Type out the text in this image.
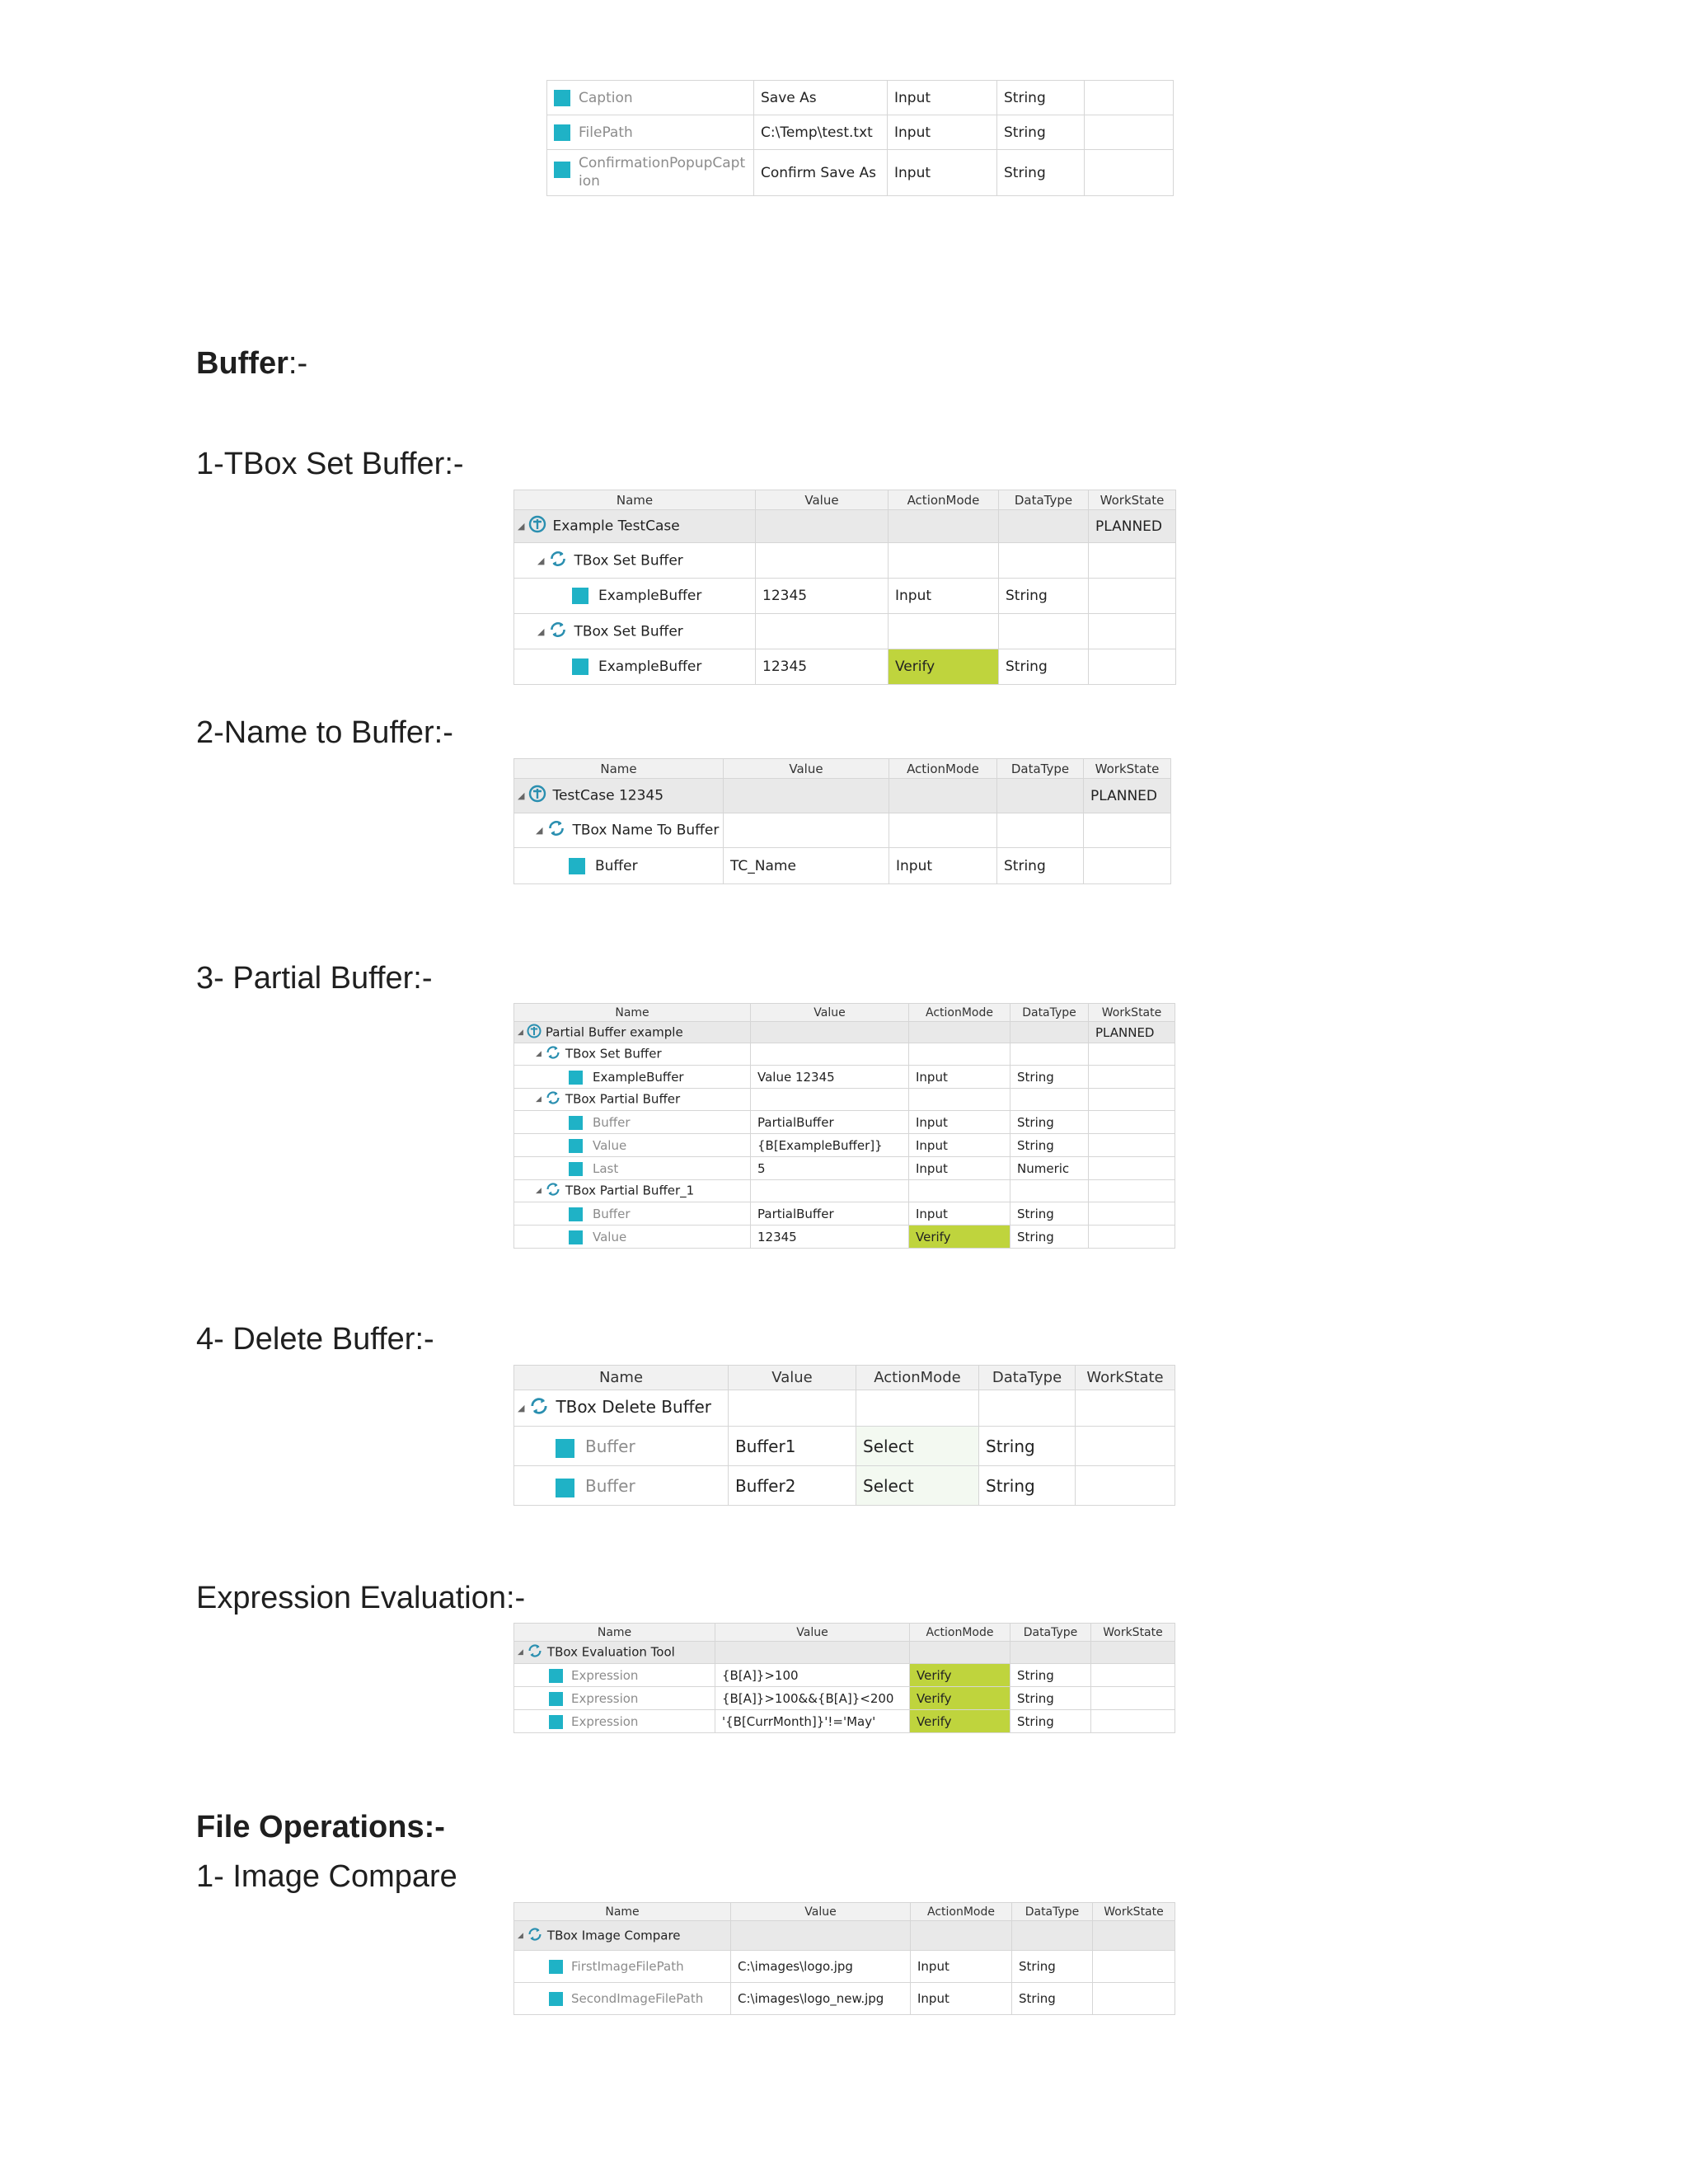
Caption	Save As	Input	String	
FilePath	C:\Temp\test.txt	Input	String	

ConfirmationPopupCaption	Confirm Save As	Input	String	
Buffer:-
1-TBox Set Buffer:-
Name	Value	ActionMode	DataType	WorkState
◢ Example TestCase				PLANNED
◢ TBox Set Buffer				
ExampleBuffer	12345	Input	String	
◢ TBox Set Buffer				
ExampleBuffer	12345	Verify	String	
2-Name to Buffer:-
Name	Value	ActionMode	DataType	WorkState
◢ TestCase 12345				PLANNED
◢ TBox Name To Buffer				
Buffer	TC_Name	Input	String	
3- Partial Buffer:-
Name	Value	ActionMode	DataType	WorkState
◢ Partial Buffer example				PLANNED
◢ TBox Set Buffer				
ExampleBuffer	Value 12345	Input	String	
◢ TBox Partial Buffer				
Buffer	PartialBuffer	Input	String	
Value	{B[ExampleBuffer]}	Input	String	
Last	5	Input	Numeric	
◢ TBox Partial Buffer_1				
Buffer	PartialBuffer	Input	String	
Value	12345	Verify	String	
4- Delete Buffer:-
Name	Value	ActionMode	DataType	WorkState
◢ TBox Delete Buffer				

Buffer	Buffer1	Select	String	

Buffer	Buffer2	Select	String	
Expression Evaluation:-
Name	Value	ActionMode	DataType	WorkState
◢ TBox Evaluation Tool				
Expression	{B[A]}>100	Verify	String	
Expression	{B[A]}>100&&{B[A]}<200	Verify	String	
Expression	'{B[CurrMonth]}'!='May'	Verify	String	
File Operations:-
1- Image Compare
Name	Value	ActionMode	DataType	WorkState
◢ TBox Image Compare				
FirstImageFilePath	C:\images\logo.jpg	Input	String	
SecondImageFilePath	C:\images\logo_new.jpg	Input	String	
